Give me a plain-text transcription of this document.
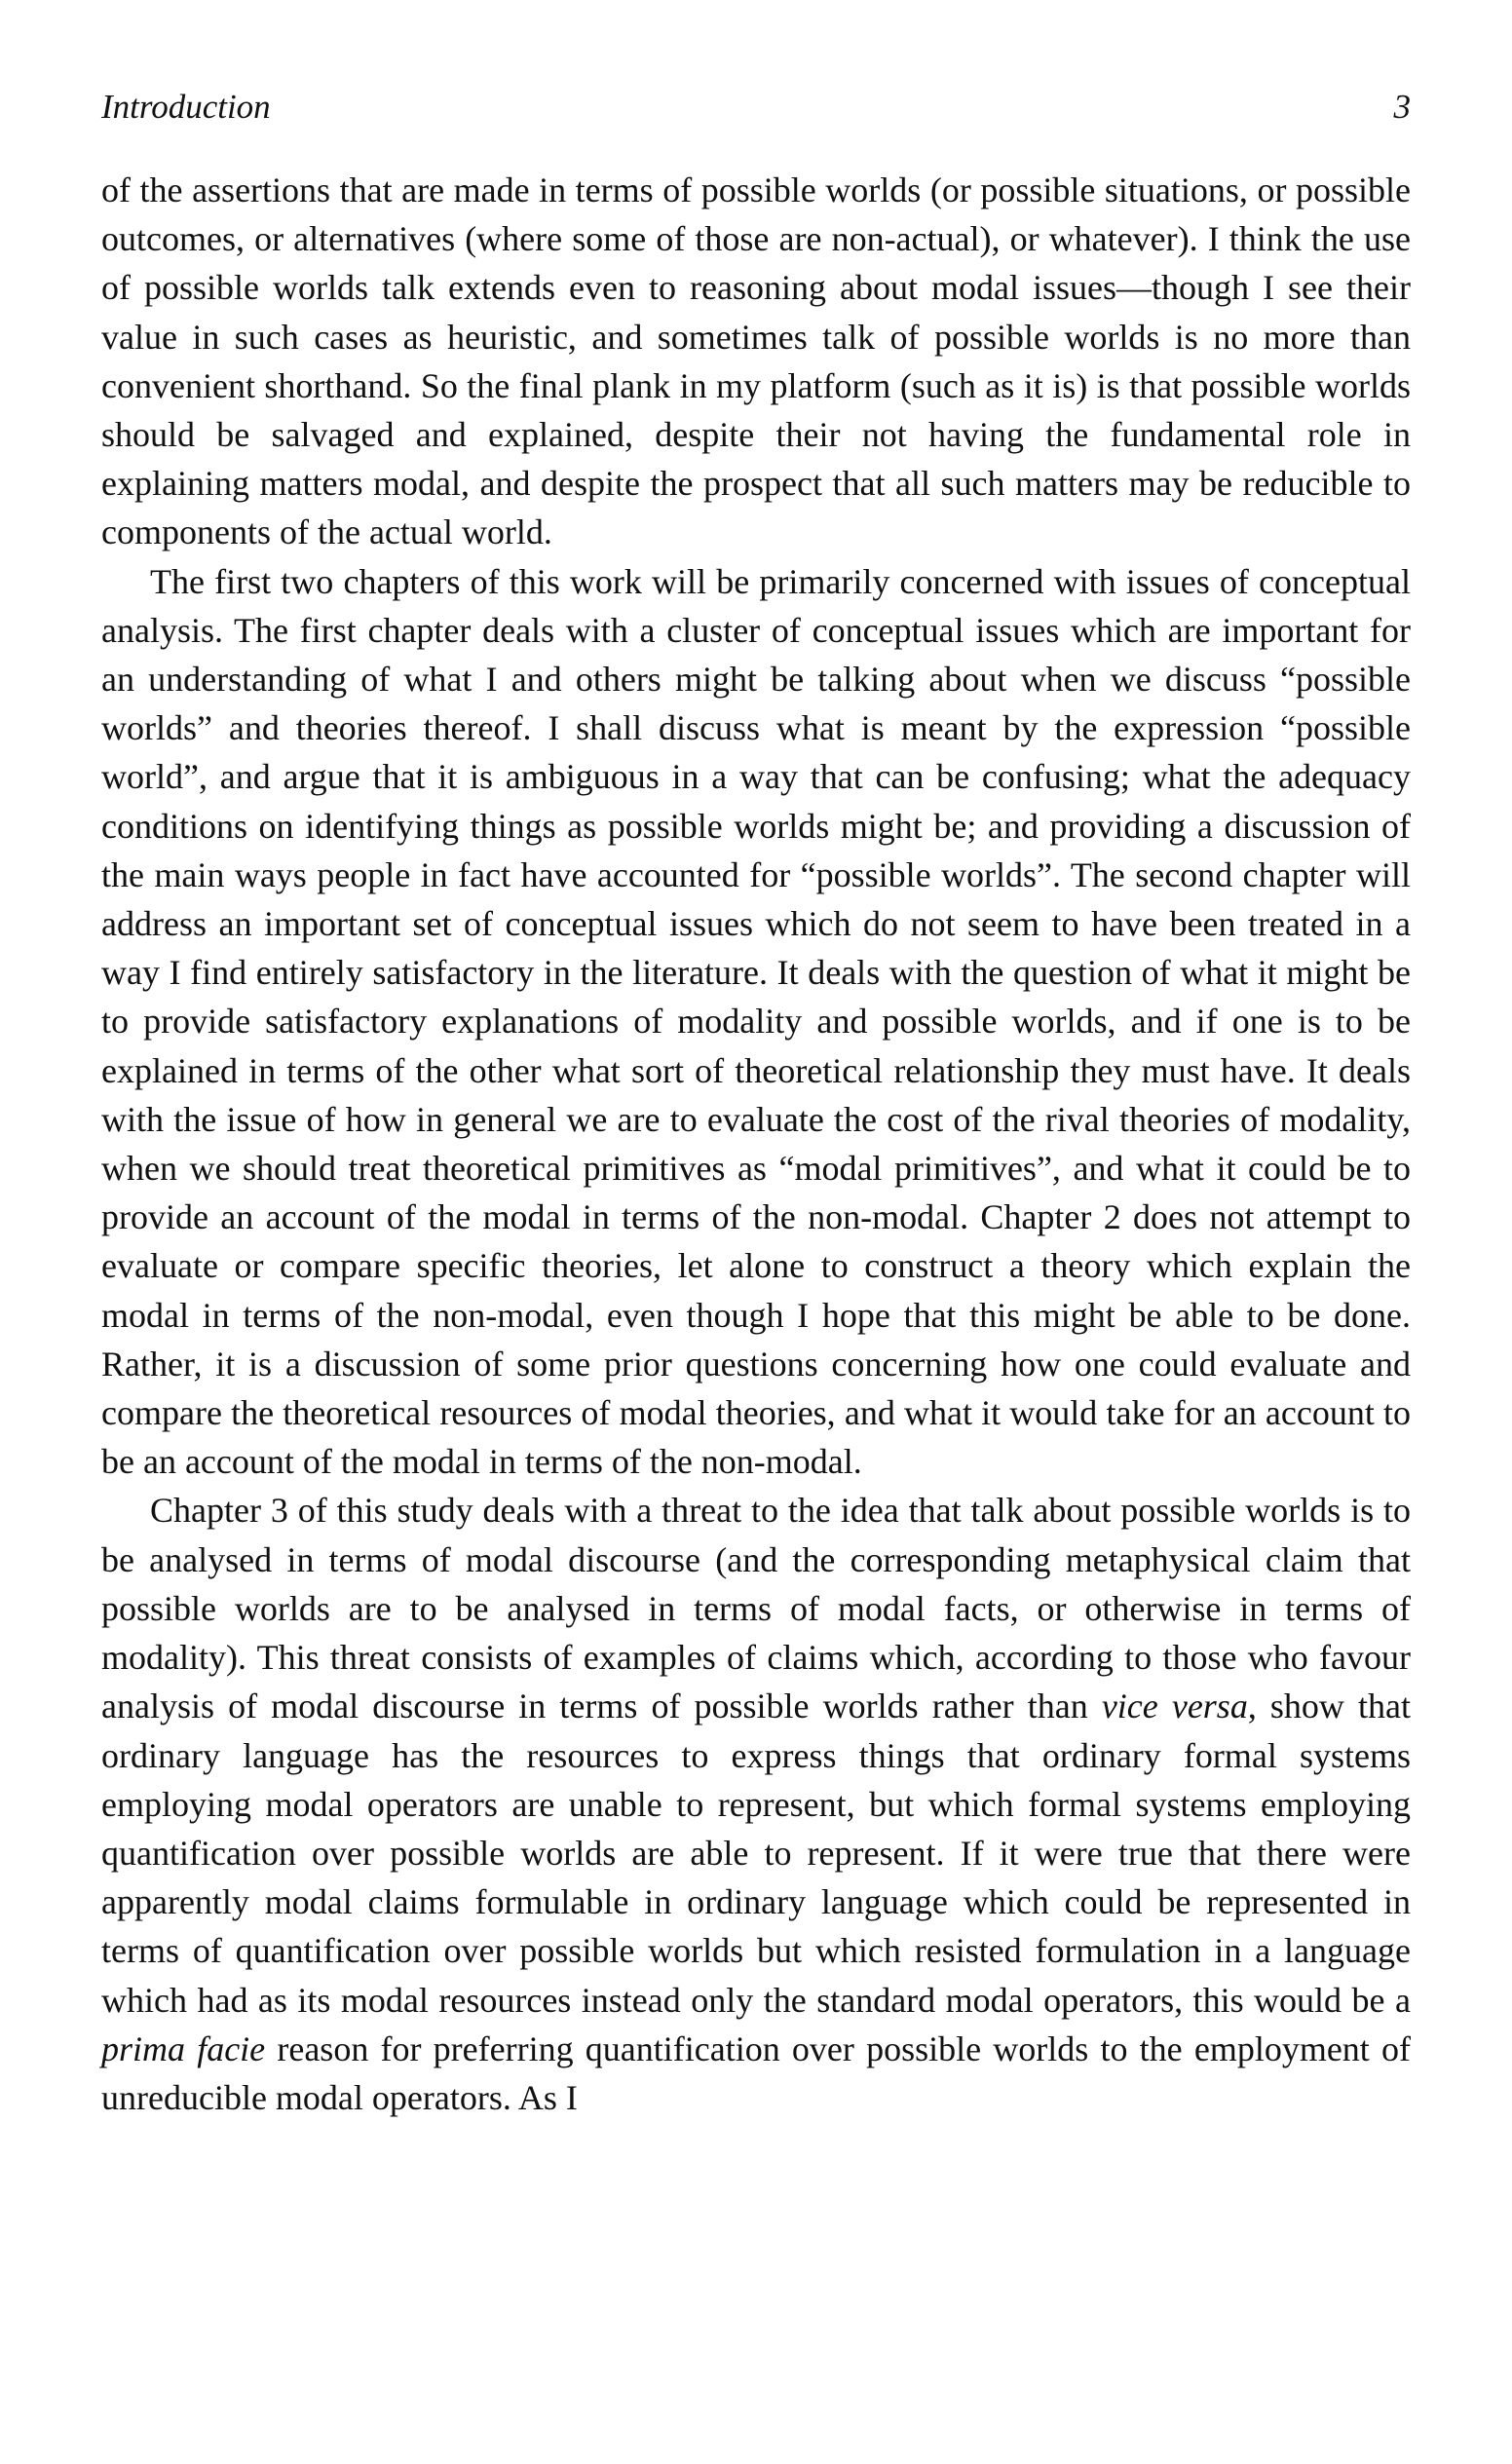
Introduction	3

of the assertions that are made in terms of possible worlds (or possible situations, or possible outcomes, or alternatives (where some of those are non-actual), or whatever). I think the use of possible worlds talk extends even to reasoning about modal issues—though I see their value in such cases as heuristic, and sometimes talk of possible worlds is no more than convenient shorthand. So the final plank in my platform (such as it is) is that possible worlds should be salvaged and explained, despite their not having the fundamental role in explaining matters modal, and despite the prospect that all such matters may be reducible to components of the actual world.

The first two chapters of this work will be primarily concerned with issues of conceptual analysis. The first chapter deals with a cluster of conceptual issues which are important for an understanding of what I and others might be talking about when we discuss “possible worlds” and theories thereof. I shall discuss what is meant by the expression “possible world”, and argue that it is ambiguous in a way that can be confusing; what the adequacy conditions on identifying things as possible worlds might be; and providing a discussion of the main ways people in fact have accounted for “possible worlds”. The second chapter will address an important set of conceptual issues which do not seem to have been treated in a way I find entirely satisfactory in the literature. It deals with the question of what it might be to provide satisfactory explanations of modality and possible worlds, and if one is to be explained in terms of the other what sort of theoretical relationship they must have. It deals with the issue of how in general we are to evaluate the cost of the rival theories of modality, when we should treat theoretical primitives as “modal primitives”, and what it could be to provide an account of the modal in terms of the non-modal. Chapter 2 does not attempt to evaluate or compare specific theories, let alone to construct a theory which explain the modal in terms of the non-modal, even though I hope that this might be able to be done. Rather, it is a discussion of some prior questions concerning how one could evaluate and compare the theoretical resources of modal theories, and what it would take for an account to be an account of the modal in terms of the non-modal.

Chapter 3 of this study deals with a threat to the idea that talk about possible worlds is to be analysed in terms of modal discourse (and the corresponding metaphysical claim that possible worlds are to be analysed in terms of modal facts, or otherwise in terms of modality). This threat consists of examples of claims which, according to those who favour analysis of modal discourse in terms of possible worlds rather than vice versa, show that ordinary language has the resources to express things that ordinary formal systems employing modal operators are unable to represent, but which formal systems employing quantification over possible worlds are able to represent. If it were true that there were apparently modal claims formulable in ordinary language which could be represented in terms of quantification over possible worlds but which resisted formulation in a language which had as its modal resources instead only the standard modal operators, this would be a prima facie reason for preferring quantification over possible worlds to the employment of unreducible modal operators. As I
